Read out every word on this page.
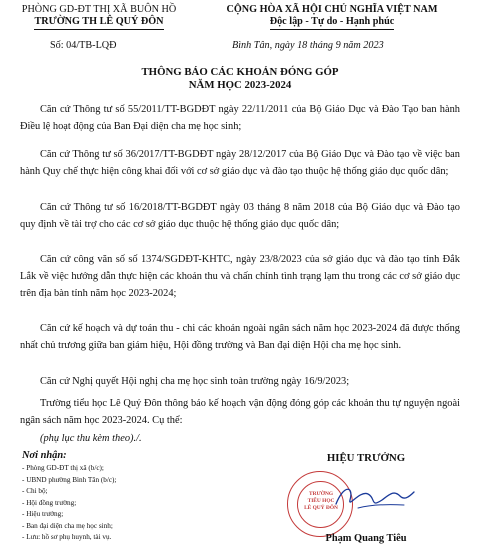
PHÒNG GD-ĐT THỊ XÃ BUÔN HỒ
TRƯỜNG TH LÊ QUÝ ĐÔN
Số: 04/TB-LQĐ
CỘNG HÒA XÃ HỘI CHỦ NGHĨA VIỆT NAM
Độc lập - Tự do - Hạnh phúc
Bình Tân, ngày 18 tháng 9 năm 2023
THÔNG BÁO CÁC KHOẢN ĐÓNG GÓP
NĂM HỌC 2023-2024
Căn cứ Thông tư số 55/2011/TT-BGDĐT ngày 22/11/2011 của Bộ Giáo Dục và Đào Tạo ban hành Điều lệ hoạt động của Ban Đại diện cha mẹ học sinh;
Căn cứ Thông tư số 36/2017/TT-BGDĐT ngày 28/12/2017 của Bộ Giáo Dục và Đào tạo về việc ban hành Quy chế thực hiện công khai đối với cơ sở giáo dục và đào tạo thuộc hệ thống giáo dục quốc dân;
Căn cứ Thông tư số 16/2018/TT-BGDĐT ngày 03 tháng 8 năm 2018 của Bộ Giáo dục và Đào tạo quy định về tài trợ cho các cơ sở giáo dục thuộc hệ thống giáo dục quốc dân;
Căn cứ công văn số số 1374/SGDĐT-KHTC, ngày 23/8/2023 của sở giáo dục và đào tạo tỉnh Đắk Lắk về việc hướng dẫn thực hiện các khoản thu và chấn chỉnh tình trạng lạm thu trong các cơ sở giáo dục trên địa bàn tỉnh năm học 2023-2024;
Căn cứ kế hoạch và dự toán thu - chi các khoản ngoài ngân sách năm học 2023-2024 đã được thống nhất chủ trương giữa ban giám hiệu, Hội đồng trường và Ban đại diện Hội cha mẹ học sinh.
Căn cứ Nghị quyết Hội nghị cha mẹ học sinh toàn trường ngày 16/9/2023;
Trường tiểu học Lê Quý Đôn thông báo kế hoạch vận động đóng góp các khoản thu tự nguyện ngoài ngân sách năm học 2023-2024. Cụ thể:
(phụ lục thu kèm theo)./.
Nơi nhận:
- Phòng GD-ĐT thị xã (b/c);
- UBND phường Bình Tân (b/c);
- Chi bộ;
- Hội đồng trường;
- Hiệu trưởng;
- Ban đại diện cha mẹ học sinh;
- Lưu: hồ sơ phụ huynh, tài vụ.
HIỆU TRƯỞNG
TRƯỜNG
TIỂU HỌC
LÊ QUÝ ĐÔN
Phạm Quang Tiêu
